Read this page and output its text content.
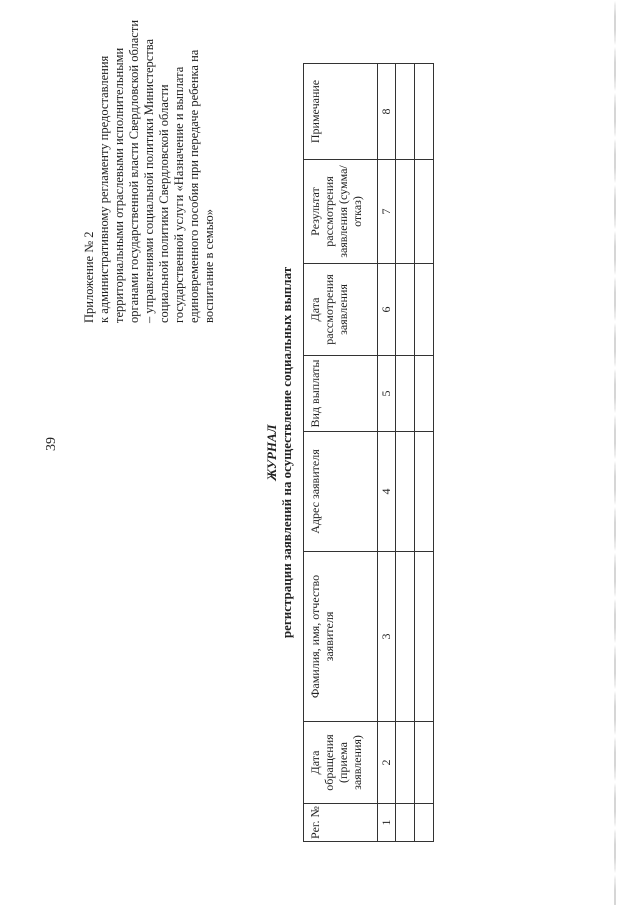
39
Приложение № 2 к административному регламенту предоставления территориальными отраслевыми исполнительными органами государственной власти Свердловской области – управлениями социальной политики Министерства социальной политики Свердловской области государственной услуги «Назначение и выплата единовременного пособия при передаче ребенка на воспитание в семью»
ЖУРНАЛ регистрации заявлений на осуществление социальных выплат
Рег. №	Дата обращения (приема заявления)	Фамилия, имя, отчество заявителя	Адрес заявителя	Вид выплаты	Дата рассмотрения заявления	Результат рассмотрения заявления (сумма/отказ)	Примечание
1	2	3	4	5	6	7	8
